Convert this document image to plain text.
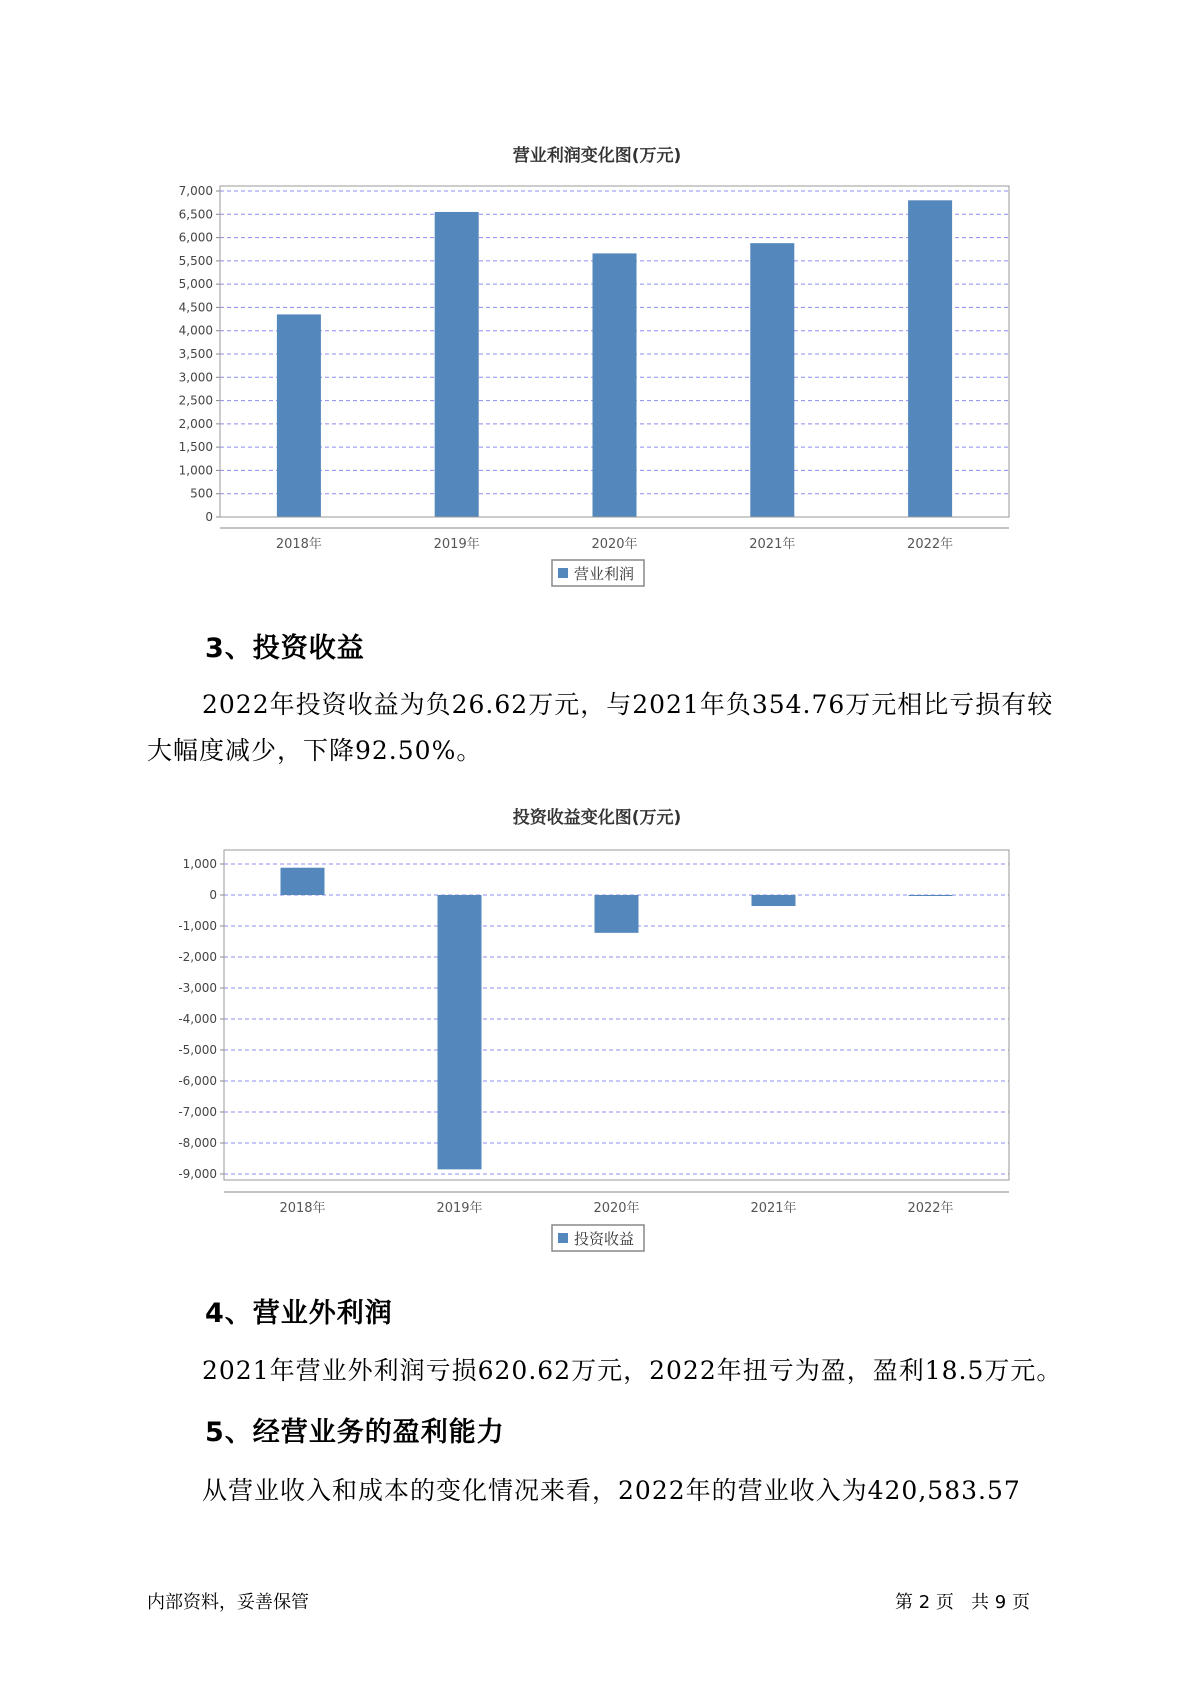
营业利润变化图(万元)
0
500
1,000
1,500
2,000
2,500
3,000
3,500
4,000
4,500
5,000
5,500
6,000
6,500
7,000
2018年	2019年	2020年	2021年	2022年
营业利润
3、投资收益

2022年投资收益为负26.62万元，与2021年负354.76万元相比亏损有较

大幅度减少，下降92.50%。

投资收益变化图(万元)
1,000
0
-1,000
-2,000
-3,000
-4,000
-5,000
-6,000
-7,000
-8,000
-9,000
2018年	2019年	2020年	2021年	2022年
投资收益
4、营业外利润

2021年营业外利润亏损620.62万元，2022年扭亏为盈，盈利18.5万元。

5、经营业务的盈利能力

从营业收入和成本的变化情况来看，2022年的营业收入为420,583.57

内部资料，妥善保管	第 2 页   共 9 页
